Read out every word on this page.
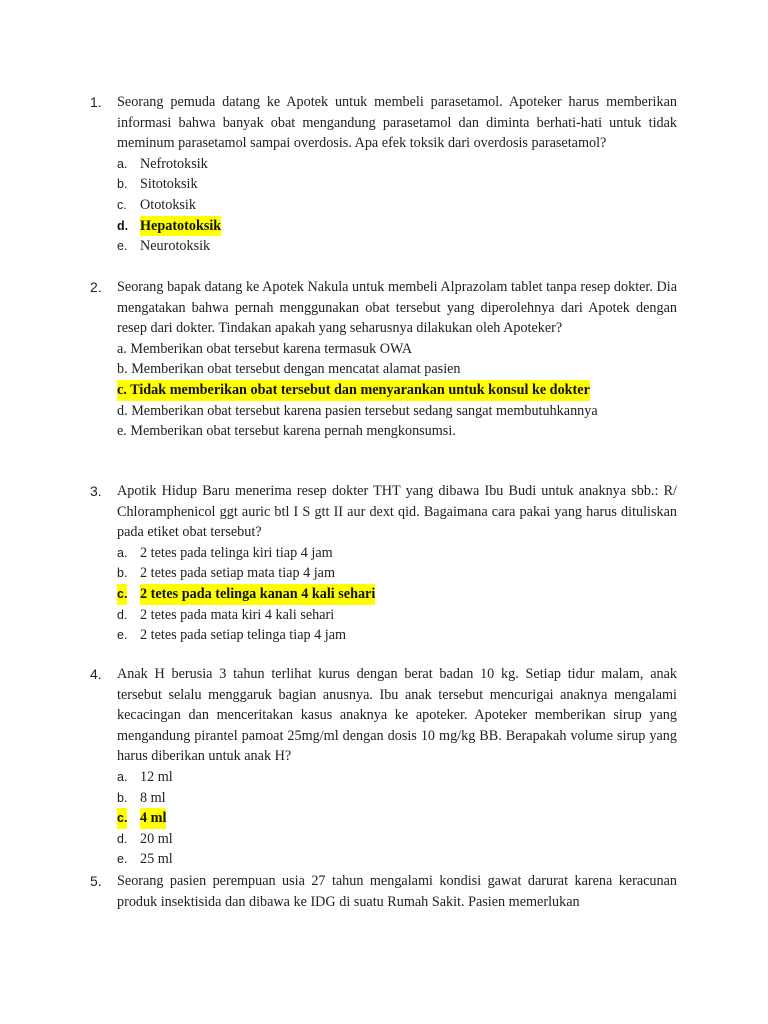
1. Seorang pemuda datang ke Apotek untuk membeli parasetamol. Apoteker harus memberikan informasi bahwa banyak obat mengandung parasetamol dan diminta berhati-hati untuk tidak meminum parasetamol sampai overdosis. Apa efek toksik dari overdosis parasetamol?
a. Nefrotoksik
b. Sitotoksik
c. Ototoksik
d. Hepatotoksik
e. Neurotoksik
2. Seorang bapak datang ke Apotek Nakula untuk membeli Alprazolam tablet tanpa resep dokter. Dia mengatakan bahwa pernah menggunakan obat tersebut yang diperolehnya dari Apotek dengan resep dari dokter. Tindakan apakah yang seharusnya dilakukan oleh Apoteker?
a. Memberikan obat tersebut karena termasuk OWA
b. Memberikan obat tersebut dengan mencatat alamat pasien
c. Tidak memberikan obat tersebut dan menyarankan untuk konsul ke dokter
d. Memberikan obat tersebut karena pasien tersebut sedang sangat membutuhkannya
e. Memberikan obat tersebut karena pernah mengkonsumsi.
3. Apotik Hidup Baru menerima resep dokter THT yang dibawa Ibu Budi untuk anaknya sbb.: R/ Chloramphenicol ggt auric btl I S gtt II aur dext qid. Bagaimana cara pakai yang harus dituliskan pada etiket obat tersebut?
a. 2 tetes pada telinga kiri tiap 4 jam
b. 2 tetes pada setiap mata tiap 4 jam
c. 2 tetes pada telinga kanan 4 kali sehari
d. 2 tetes pada mata kiri 4 kali sehari
e. 2 tetes pada setiap telinga tiap 4 jam
4. Anak H berusia 3 tahun terlihat kurus dengan berat badan 10 kg. Setiap tidur malam, anak tersebut selalu menggaruk bagian anusnya. Ibu anak tersebut mencurigai anaknya mengalami kecacingan dan menceritakan kasus anaknya ke apoteker. Apoteker memberikan sirup yang mengandung pirantel pamoat 25mg/ml dengan dosis 10 mg/kg BB. Berapakah volume sirup yang harus diberikan untuk anak H?
a. 12 ml
b. 8 ml
c. 4 ml
d. 20 ml
e. 25 ml
5. Seorang pasien perempuan usia 27 tahun mengalami kondisi gawat darurat karena keracunan produk insektisida dan dibawa ke IDG di suatu Rumah Sakit. Pasien memerlukan
